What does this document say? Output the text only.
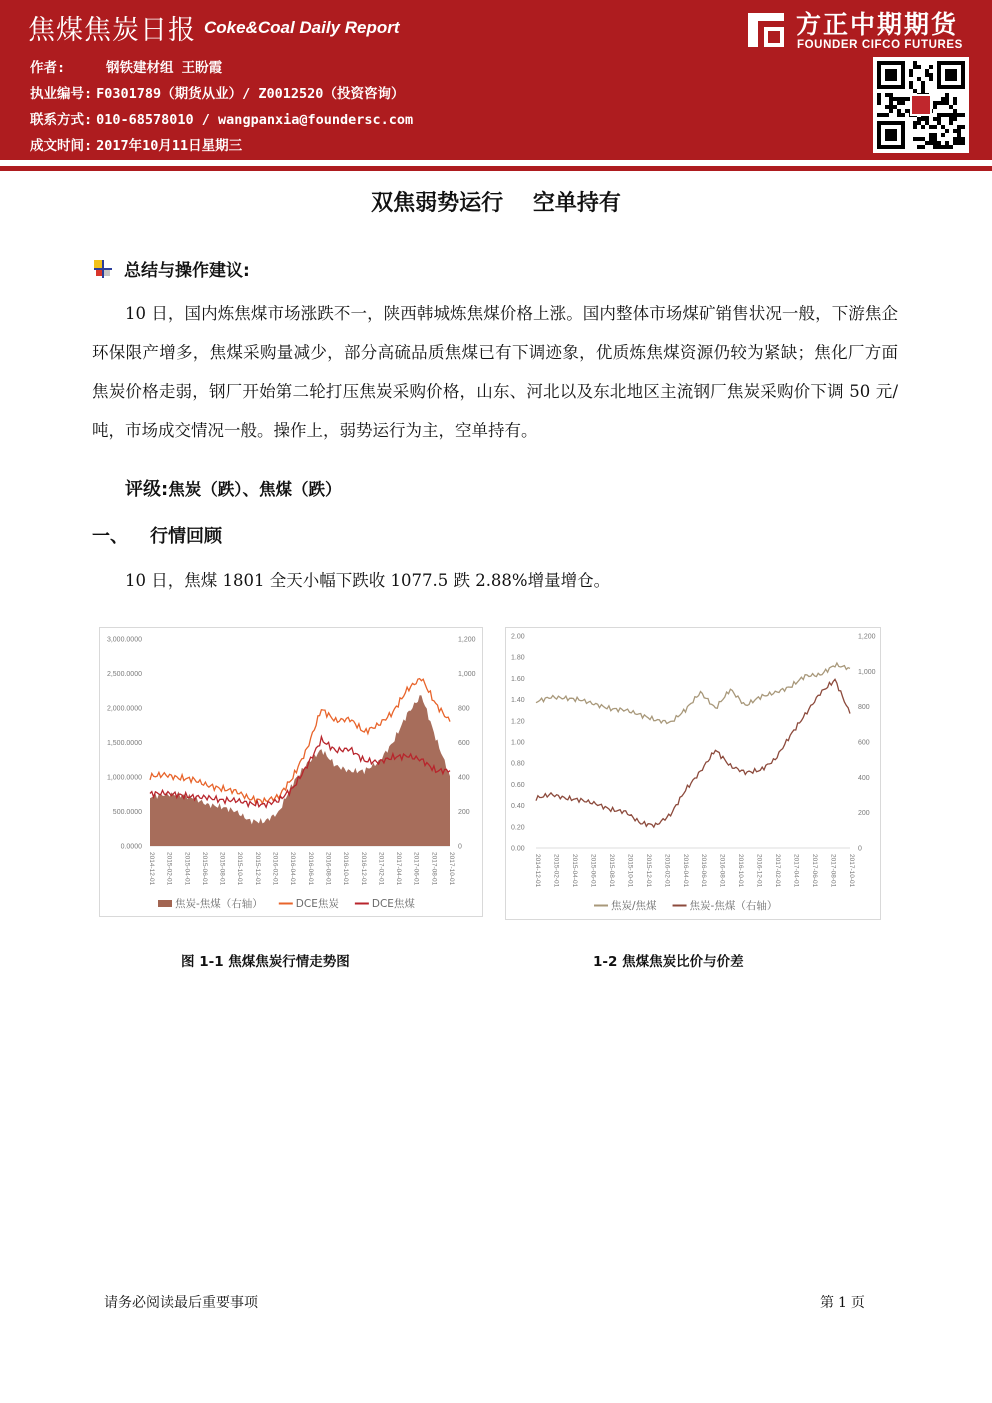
焦煤焦炭日报 Coke&Coal Daily Report
作者:	钢铁建材组 王盼霞
执业编号: F0301789（期货从业）/ Z0012520（投资咨询）
联系方式: 010-68578010 / wangpanxia@foundersc.com
成文时间: 2017年10月11日星期三
方正中期期货
FOUNDER CIFCO FUTURES
双焦弱势运行 空单持有
总结与操作建议:
10 日，国内炼焦煤市场涨跌不一，陕西韩城炼焦煤价格上涨。国内整体市场煤矿销售状况一般，下游焦企环保限产增多，焦煤采购量减少，部分高硫品质焦煤已有下调迹象，优质炼焦煤资源仍较为紧缺；焦化厂方面焦炭价格走弱，钢厂开始第二轮打压焦炭采购价格，山东、河北以及东北地区主流钢厂焦炭采购价下调 50 元/吨，市场成交情况一般。操作上，弱势运行为主，空单持有。
评级:焦炭（跌）、焦煤（跌）
一、 行情回顾
10 日，焦煤 1801 全天小幅下跌收 1077.5 跌 2.88%增量增仓。
0.0000
500.0000
1,000.0000
1,500.0000
2,000.0000
2,500.0000
3,000.0000
0
200
400
600
800
1,000
1,200
2014-12-01 2015-02-01 2015-04-01 2015-06-01 2015-08-01 2015-10-01 2015-12-01 2016-02-01 2016-04-01 2016-06-01 2016-08-01 2016-10-01 2016-12-01 2017-02-01 2017-04-01 2017-06-01 2017-08-01 2017-10-01
焦炭-焦煤（右轴）	DCE焦炭	DCE焦煤
图 1-1 焦煤焦炭行情走势图
0.00
0.20
0.40
0.60
0.80
1.00
1.20
1.40
1.60
1.80
2.00
0
200
400
600
800
1,000
1,200
2014-12-01 2015-02-01 2015-04-01 2015-06-01 2015-08-01 2015-10-01 2015-12-01 2016-02-01 2016-04-01 2016-06-01 2016-08-01 2016-10-01 2016-12-01 2017-02-01 2017-04-01 2017-06-01 2017-08-01 2017-10-01
焦炭/焦煤	焦炭-焦煤（右轴）
1-2 焦煤焦炭比价与价差
请务必阅读最后重要事项	第 1 页
